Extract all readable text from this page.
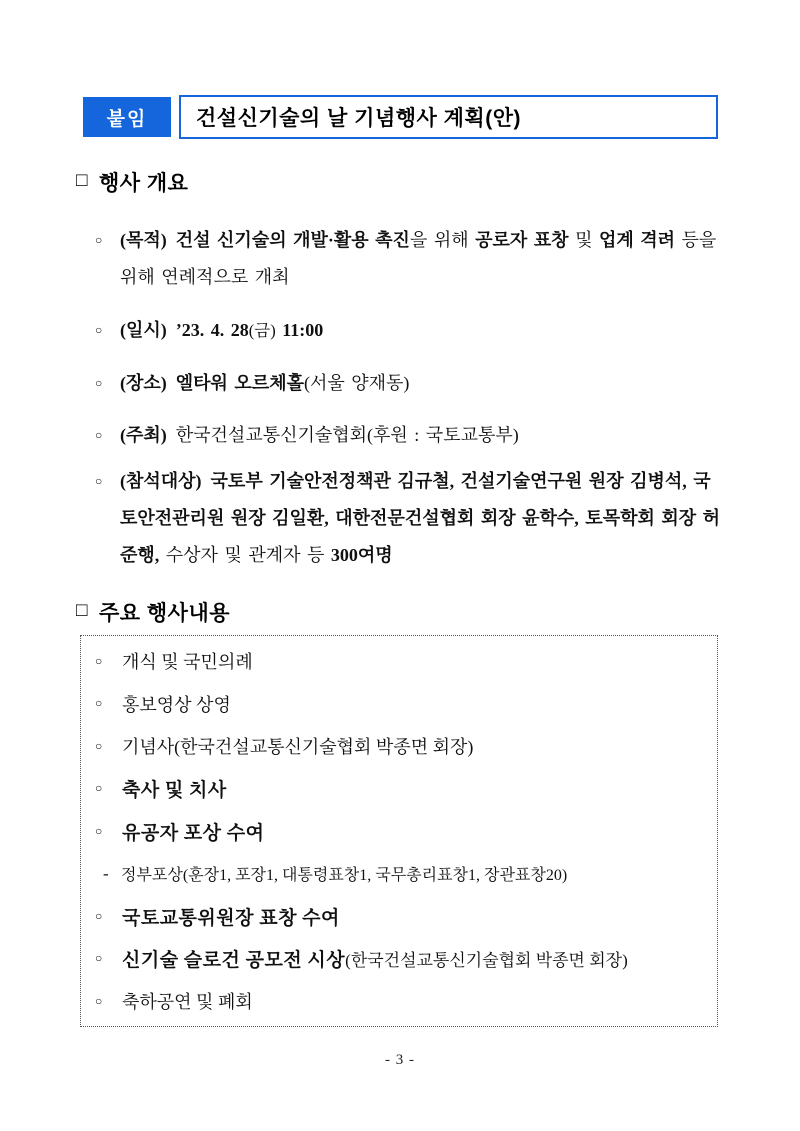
붙임	건설신기술의 날 기념행사 계획(안)
□ 행사 개요
○ (목적) 건설 신기술의 개발·활용 촉진을 위해 공로자 표창 및 업계 격려 등을 위해 연례적으로 개최
○ (일시) ’23. 4. 28(금) 11:00
○ (장소) 엘타워 오르체홀(서울 양재동)
○ (주최) 한국건설교통신기술협회(후원 : 국토교통부)
○ (참석대상) 국토부 기술안전정책관 김규철, 건설기술연구원 원장 김병석, 국토안전관리원 원장 김일환, 대한전문건설협회 회장 윤학수, 토목학회 회장 허준행, 수상자 및 관계자 등 300여명
□ 주요 행사내용
○	개식 및 국민의례
○	홍보영상 상영
○	기념사(한국건설교통신기술협회 박종면 회장)
○	축사 및 치사
○	유공자 포상 수여
- 정부포상(훈장1, 포장1, 대통령표창1, 국무총리표창1, 장관표창20)
○	국토교통위원장 표창 수여
○	신기술 슬로건 공모전 시상 (한국건설교통신기술협회 박종면 회장)
○	축하공연 및 폐회
- 3 -
